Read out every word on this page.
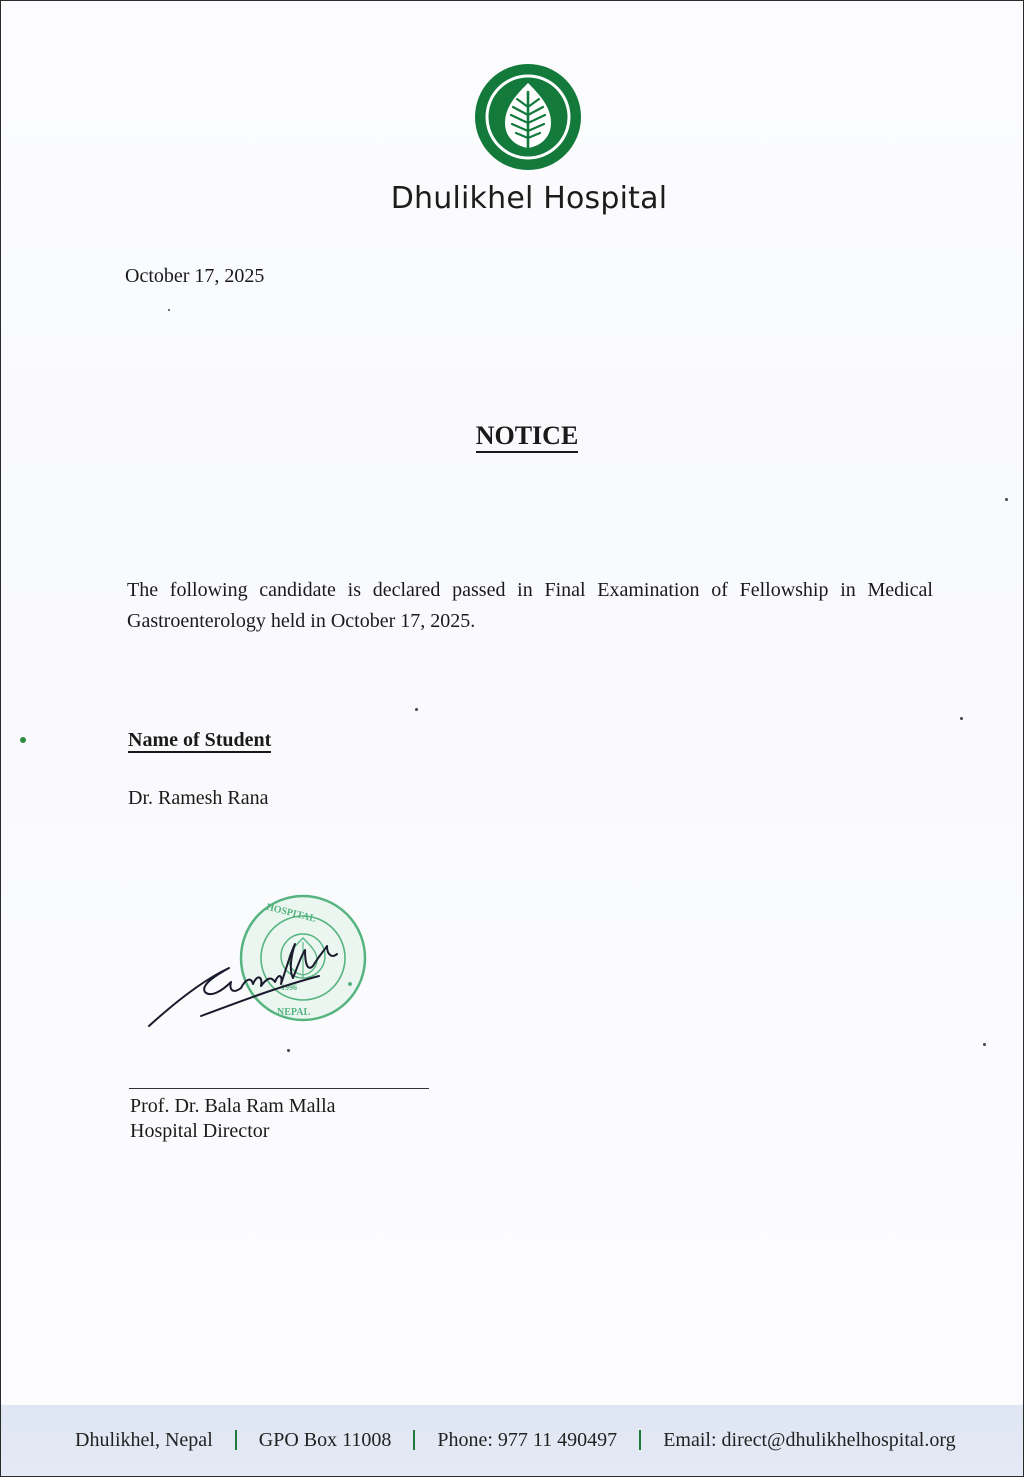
Dhulikhel Hospital
October 17, 2025
NOTICE
The following candidate is declared passed in Final Examination of Fellowship in Medical Gastroenterology held in October 17, 2025.
Name of Student
Dr. Ramesh Rana
1996
NEPAL
HOSPITAL
Prof. Dr. Bala Ram Malla
Hospital Director
Dhulikhel, Nepal GPO Box 11008 Phone: 977 11 490497 Email: direct@dhulikhelhospital.org
